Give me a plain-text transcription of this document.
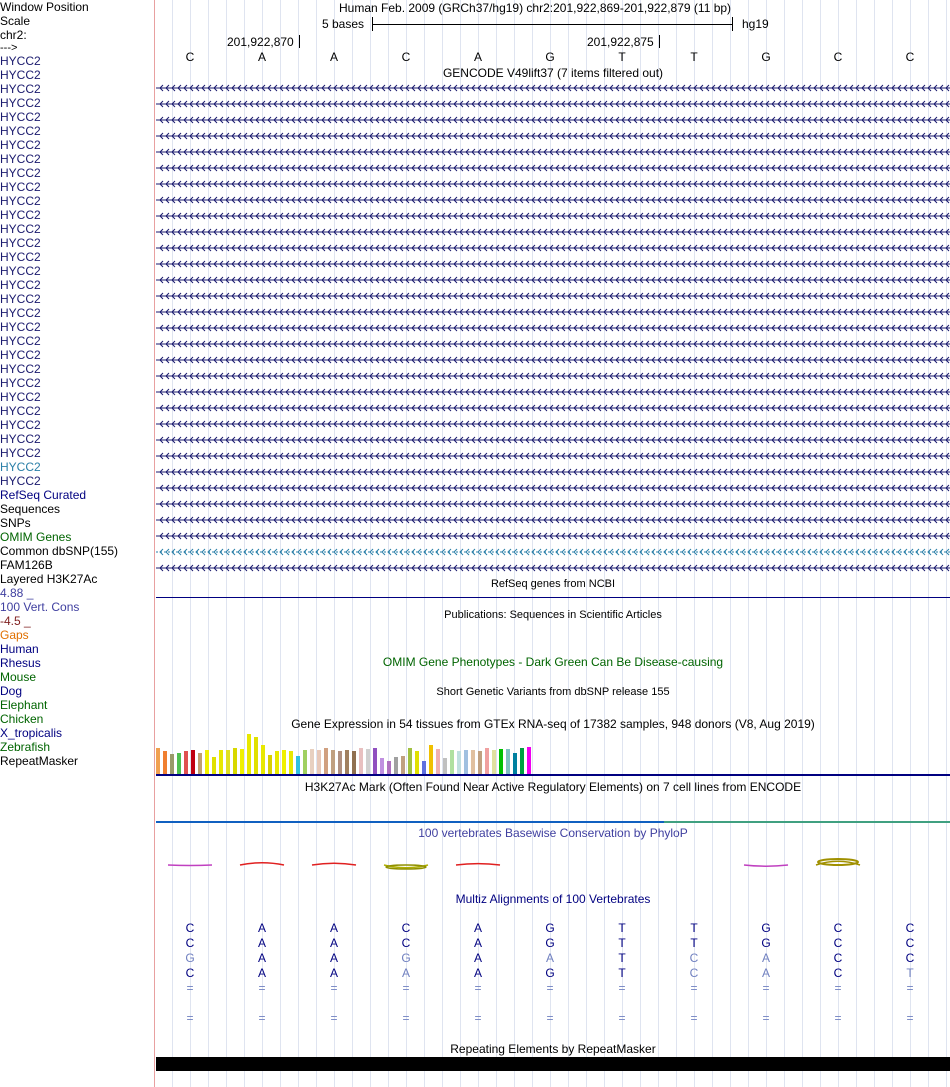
Window Position
Scale
chr2:
--->
HYCC2
HYCC2
HYCC2
HYCC2
HYCC2
HYCC2
HYCC2
HYCC2
HYCC2
HYCC2
HYCC2
HYCC2
HYCC2
HYCC2
HYCC2
HYCC2
HYCC2
HYCC2
HYCC2
HYCC2
HYCC2
HYCC2
HYCC2
HYCC2
HYCC2
HYCC2
HYCC2
HYCC2
HYCC2
HYCC2
HYCC2
RefSeq Curated
Sequences
SNPs
OMIM Genes
Common dbSNP(155)
FAM126B
Layered H3K27Ac
4.88 _
100 Vert. Cons
-4.5 _
Gaps
Human
Rhesus
Mouse
Dog
Elephant
Chicken
X_tropicalis
Zebrafish
RepeatMasker
Human Feb. 2009 (GRCh37/hg19) chr2:201,922,869-201,922,879 (11 bp)
5 bases	hg19
201,922,870	201,922,875
C	A	A	C	A	G	T	T	G	C	C
GENCODE V49lift37 (7 items filtered out)
RefSeq genes from NCBI
Publications: Sequences in Scientific Articles
OMIM Gene Phenotypes - Dark Green Can Be Disease-causing
Short Genetic Variants from dbSNP release 155
Gene Expression in 54 tissues from GTEx RNA-seq of 17382 samples, 948 donors (V8, Aug 2019)
H3K27Ac Mark (Often Found Near Active Regulatory Elements) on 7 cell lines from ENCODE
100 vertebrates Basewise Conservation by PhyloP
Multiz Alignments of 100 Vertebrates
C	A	A	C	A	G	T	T	G	C	C
C	A	A	C	A	G	T	T	G	C	C
G	A	A	G	A	A	T	C	A	C	C
C	A	A	A	A	G	T	C	A	C	T
=	=	=	=	=	=	=	=	=	=	=
=	=	=	=	=	=	=	=	=	=	=
Repeating Elements by RepeatMasker
